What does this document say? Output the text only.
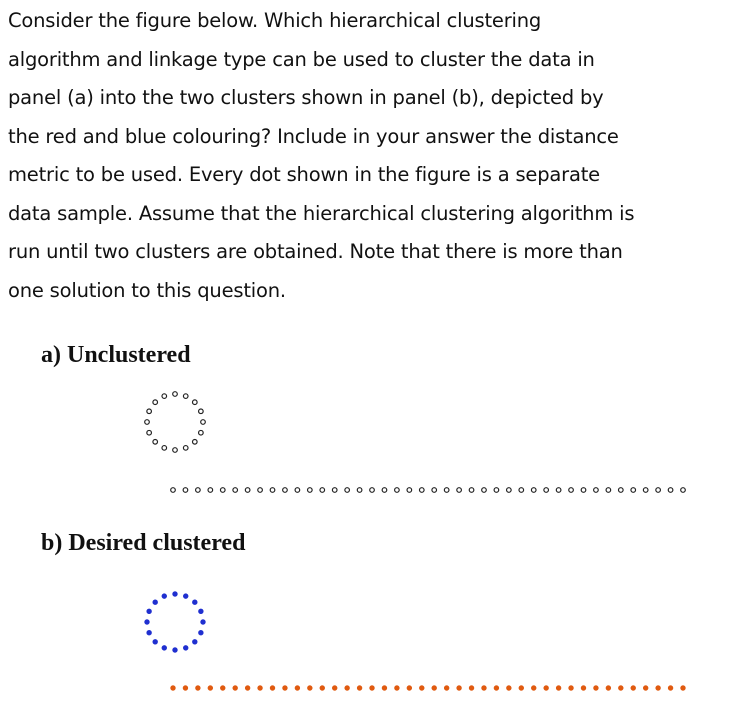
Consider the figure below. Which hierarchical clustering
algorithm and linkage type can be used to cluster the data in
panel (a) into the two clusters shown in panel (b), depicted by
the red and blue colouring? Include in your answer the distance
metric to be used. Every dot shown in the figure is a separate
data sample. Assume that the hierarchical clustering algorithm is
run until two clusters are obtained. Note that there is more than
one solution to this question.
a) Unclustered
b) Desired clustered
